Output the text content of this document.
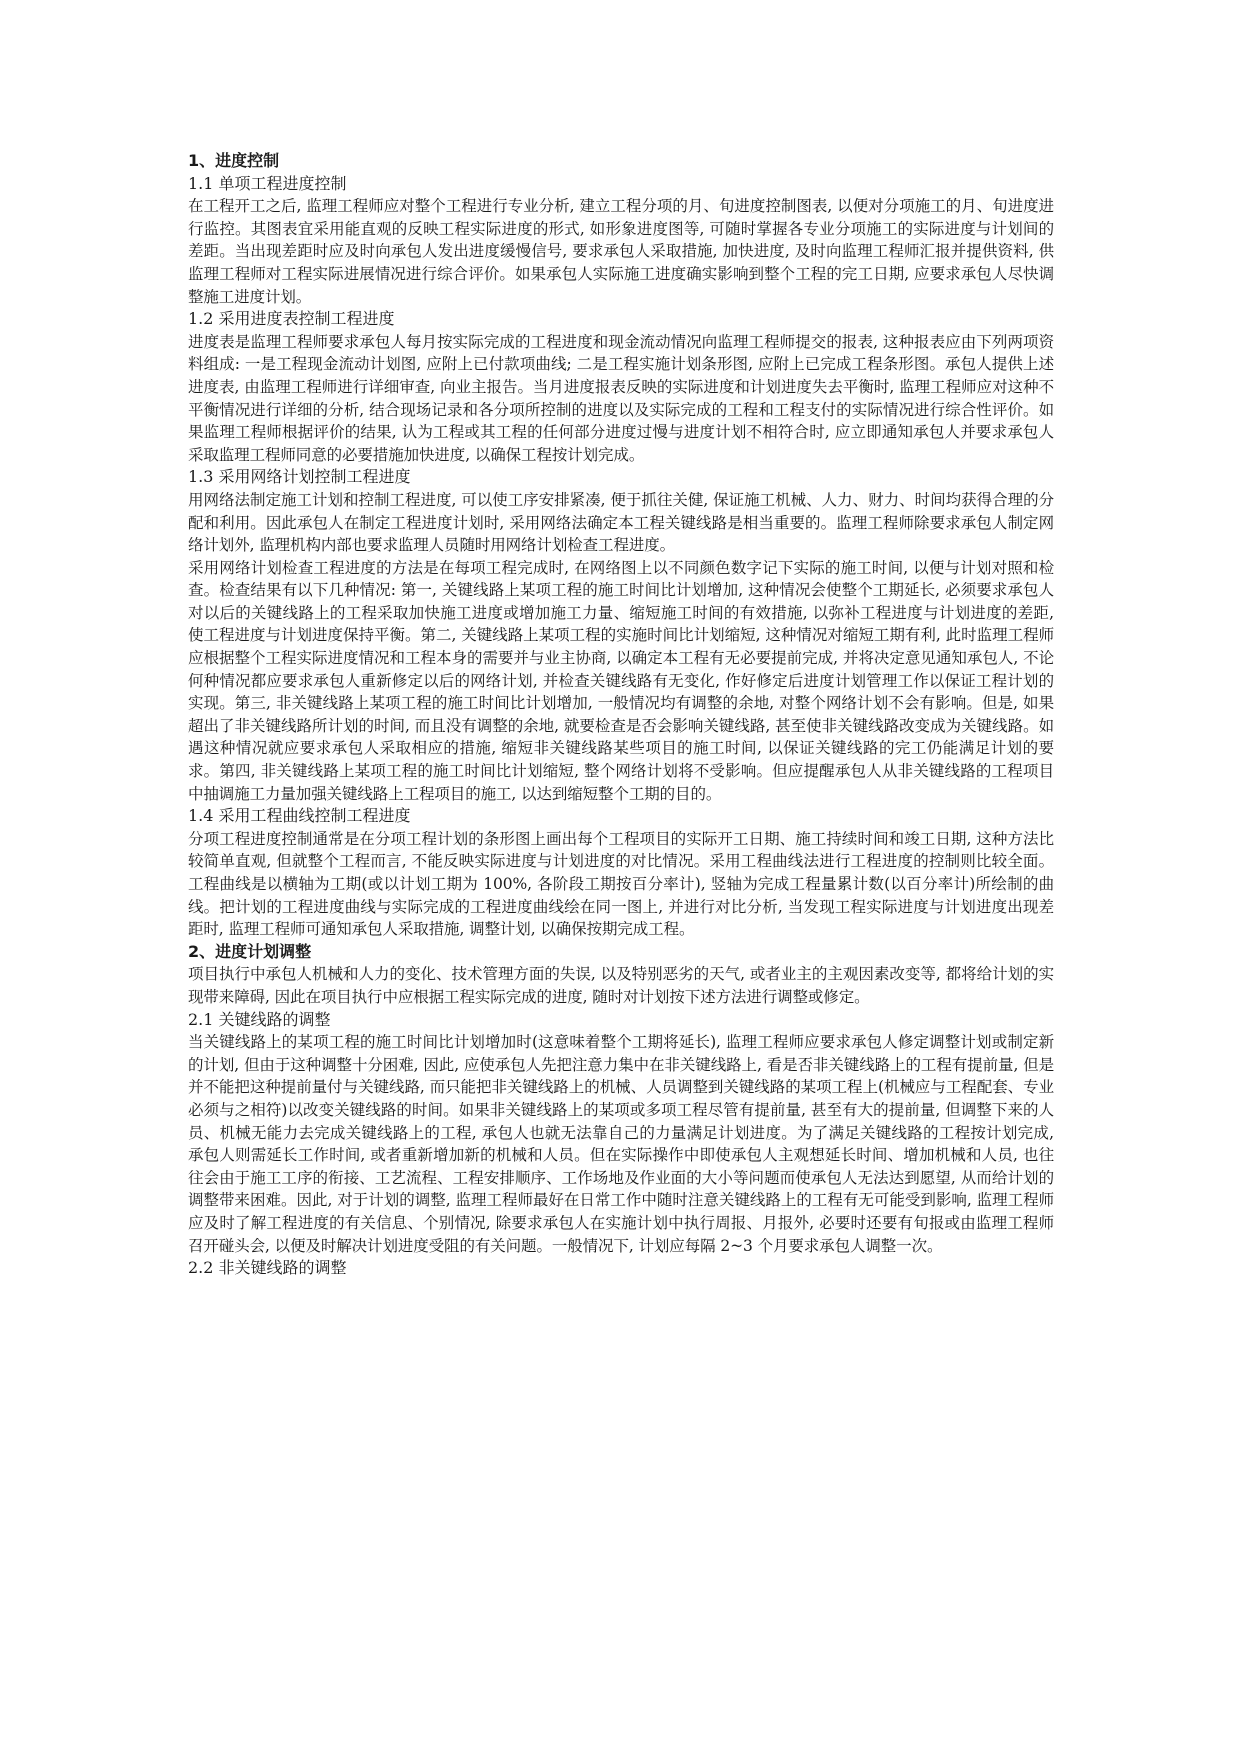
1、进度控制
1.1 单项工程进度控制

在工程开工之后, 监理工程师应对整个工程进行专业分析, 建立工程分项的月、旬进度控制图表, 以便对分项施工的月、旬进度进行监控。其图表宜采用能直观的反映工程实际进度的形式, 如形象进度图等, 可随时掌握各专业分项施工的实际进度与计划间的差距。当出现差距时应及时向承包人发出进度缓慢信号, 要求承包人采取措施, 加快进度, 及时向监理工程师汇报并提供资料, 供监理工程师对工程实际进展情况进行综合评价。如果承包人实际施工进度确实影响到整个工程的完工日期, 应要求承包人尽快调整施工进度计划。

1.2 采用进度表控制工程进度

进度表是监理工程师要求承包人每月按实际完成的工程进度和现金流动情况向监理工程师提交的报表, 这种报表应由下列两项资料组成: 一是工程现金流动计划图, 应附上已付款项曲线; 二是工程实施计划条形图, 应附上已完成工程条形图。承包人提供上述进度表, 由监理工程师进行详细审查, 向业主报告。当月进度报表反映的实际进度和计划进度失去平衡时, 监理工程师应对这种不平衡情况进行详细的分析, 结合现场记录和各分项所控制的进度以及实际完成的工程和工程支付的实际情况进行综合性评价。如果监理工程师根据评价的结果, 认为工程或其工程的任何部分进度过慢与进度计划不相符合时, 应立即通知承包人并要求承包人采取监理工程师同意的必要措施加快进度, 以确保工程按计划完成。

1.3 采用网络计划控制工程进度

用网络法制定施工计划和控制工程进度, 可以使工序安排紧凑, 便于抓往关健, 保证施工机械、人力、财力、时间均获得合理的分配和利用。因此承包人在制定工程进度计划时, 采用网络法确定本工程关键线路是相当重要的。监理工程师除要求承包人制定网络计划外, 监理机构内部也要求监理人员随时用网络计划检查工程进度。

采用网络计划检查工程进度的方法是在每项工程完成时, 在网络图上以不同颜色数字记下实际的施工时间, 以便与计划对照和检查。检查结果有以下几种情况: 第一, 关键线路上某项工程的施工时间比计划增加, 这种情况会使整个工期延长, 必须要求承包人对以后的关键线路上的工程采取加快施工进度或增加施工力量、缩短施工时间的有效措施, 以弥补工程进度与计划进度的差距, 使工程进度与计划进度保持平衡。第二, 关键线路上某项工程的实施时间比计划缩短, 这种情况对缩短工期有利, 此时监理工程师应根据整个工程实际进度情况和工程本身的需要并与业主协商, 以确定本工程有无必要提前完成, 并将决定意见通知承包人, 不论何种情况都应要求承包人重新修定以后的网络计划, 并检查关键线路有无变化, 作好修定后进度计划管理工作以保证工程计划的实现。第三, 非关键线路上某项工程的施工时间比计划增加, 一般情况均有调整的余地, 对整个网络计划不会有影响。但是, 如果超出了非关键线路所计划的时间, 而且没有调整的余地, 就要检查是否会影响关键线路, 甚至使非关键线路改变成为关键线路。如遇这种情况就应要求承包人采取相应的措施, 缩短非关键线路某些项目的施工时间, 以保证关键线路的完工仍能满足计划的要求。第四, 非关键线路上某项工程的施工时间比计划缩短, 整个网络计划将不受影响。但应提醒承包人从非关键线路的工程项目中抽调施工力量加强关键线路上工程项目的施工, 以达到缩短整个工期的目的。

1.4 采用工程曲线控制工程进度

分项工程进度控制通常是在分项工程计划的条形图上画出每个工程项目的实际开工日期、施工持续时间和竣工日期, 这种方法比较简单直观, 但就整个工程而言, 不能反映实际进度与计划进度的对比情况。采用工程曲线法进行工程进度的控制则比较全面。工程曲线是以横轴为工期(或以计划工期为 100%, 各阶段工期按百分率计), 竖轴为完成工程量累计数(以百分率计)所绘制的曲线。把计划的工程进度曲线与实际完成的工程进度曲线绘在同一图上, 并进行对比分析, 当发现工程实际进度与计划进度出现差距时, 监理工程师可通知承包人采取措施, 调整计划, 以确保按期完成工程。

2、进度计划调整

项目执行中承包人机械和人力的变化、技术管理方面的失误, 以及特别恶劣的天气, 或者业主的主观因素改变等, 都将给计划的实现带来障碍, 因此在项目执行中应根据工程实际完成的进度, 随时对计划按下述方法进行调整或修定。

2.1 关键线路的调整

当关键线路上的某项工程的施工时间比计划增加时(这意味着整个工期将延长), 监理工程师应要求承包人修定调整计划或制定新的计划, 但由于这种调整十分困难, 因此, 应使承包人先把注意力集中在非关键线路上, 看是否非关键线路上的工程有提前量, 但是并不能把这种提前量付与关键线路, 而只能把非关键线路上的机械、人员调整到关键线路的某项工程上(机械应与工程配套、专业必须与之相符)以改变关键线路的时间。如果非关键线路上的某项或多项工程尽管有提前量, 甚至有大的提前量, 但调整下来的人员、机械无能力去完成关键线路上的工程, 承包人也就无法靠自己的力量满足计划进度。为了满足关键线路的工程按计划完成, 承包人则需延长工作时间, 或者重新增加新的机械和人员。但在实际操作中即使承包人主观想延长时间、增加机械和人员, 也往往会由于施工工序的衔接、工艺流程、工程安排顺序、工作场地及作业面的大小等问题而使承包人无法达到愿望, 从而给计划的调整带来困难。因此, 对于计划的调整, 监理工程师最好在日常工作中随时注意关键线路上的工程有无可能受到影响, 监理工程师应及时了解工程进度的有关信息、个别情况, 除要求承包人在实施计划中执行周报、月报外, 必要时还要有旬报或由监理工程师召开碰头会, 以便及时解决计划进度受阻的有关问题。一般情况下, 计划应每隔 2~3 个月要求承包人调整一次。

2.2 非关键线路的调整
